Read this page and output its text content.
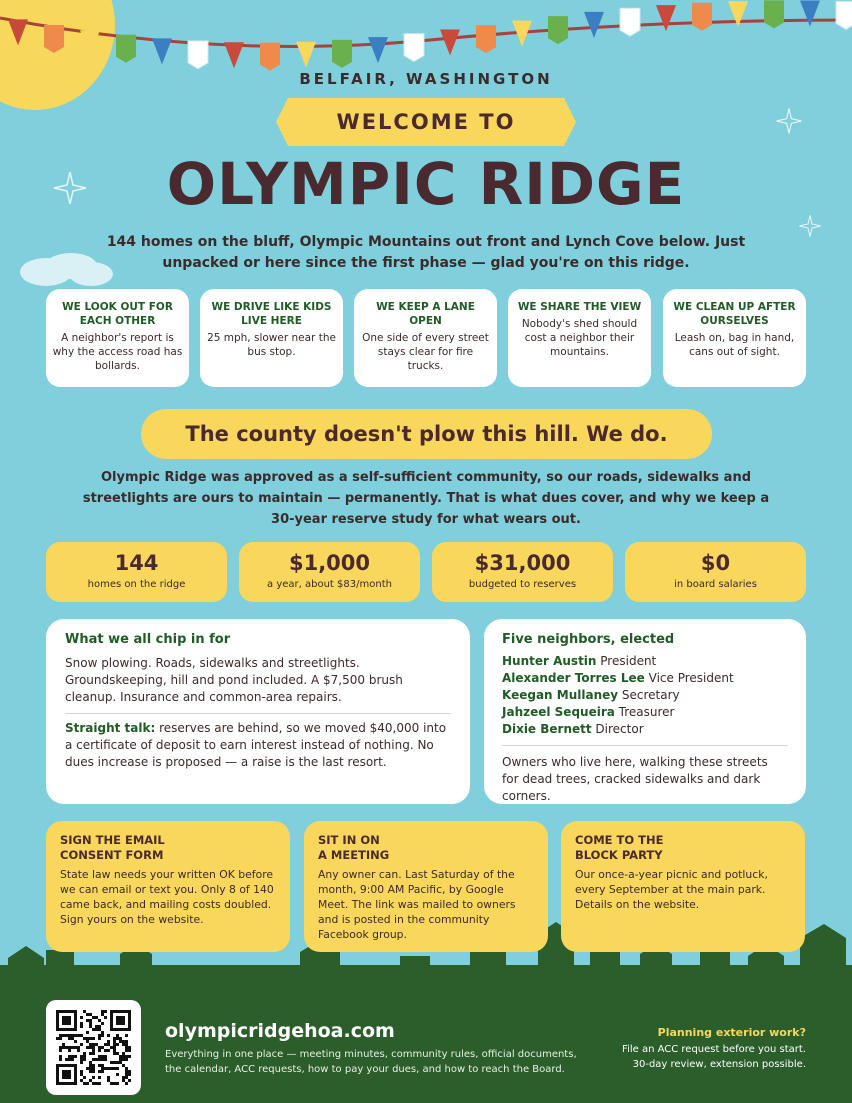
BELFAIR, WASHINGTON
WELCOME TO
OLYMPIC RIDGE
144 homes on the bluff, Olympic Mountains out front and Lynch Cove below. Just unpacked or here since the first phase — glad you're on this ridge.
WE LOOK OUT FOR EACH OTHER
A neighbor's report is why the access road has bollards.
WE DRIVE LIKE KIDS LIVE HERE
25 mph, slower near the bus stop.
WE KEEP A LANE OPEN
One side of every street stays clear for fire trucks.
WE SHARE THE VIEW
Nobody's shed should cost a neighbor their mountains.
WE CLEAN UP AFTER OURSELVES
Leash on, bag in hand, cans out of sight.
The county doesn't plow this hill. We do.
Olympic Ridge was approved as a self-sufficient community, so our roads, sidewalks and streetlights are ours to maintain — permanently. That is what dues cover, and why we keep a 30-year reserve study for what wears out.
144
homes on the ridge
$1,000
a year, about $83/month
$31,000
budgeted to reserves
$0
in board salaries
What we all chip in for

Snow plowing. Roads, sidewalks and streetlights. Groundskeeping, hill and pond included. A $7,500 brush cleanup. Insurance and common-area repairs.

Straight talk: reserves are behind, so we moved $40,000 into a certificate of deposit to earn interest instead of nothing. No dues increase is proposed — a raise is the last resort.

Five neighbors, elected
Hunter Austin President
Alexander Torres Lee Vice President
Keegan Mullaney Secretary
Jahzeel Sequeira Treasurer
Dixie Bernett Director

Owners who live here, walking these streets for dead trees, cracked sidewalks and dark corners.

SIGN THE EMAIL
CONSENT FORM
State law needs your written OK before we can email or text you. Only 8 of 140 came back, and mailing costs doubled. Sign yours on the website.
SIT IN ON
A MEETING
Any owner can. Last Saturday of the month, 9:00 AM Pacific, by Google Meet. The link was mailed to owners and is posted in the community Facebook group.
COME TO THE
BLOCK PARTY
Our once-a-year picnic and potluck, every September at the main park. Details on the website.
olympicridgehoa.com
Everything in one place — meeting minutes, community rules, official documents, the calendar, ACC requests, how to pay your dues, and how to reach the Board.
Planning exterior work?
File an ACC request before you start.
30-day review, extension possible.
